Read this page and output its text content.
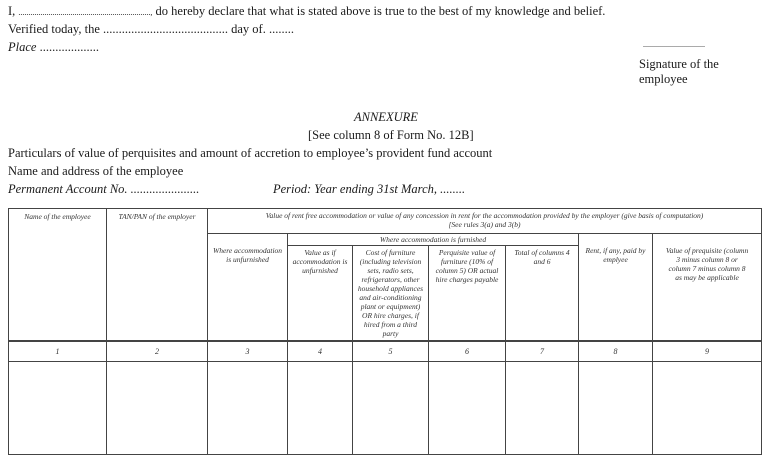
I, .................................................................., do hereby declare that what is stated above is true to the best of my knowledge and belief.
Verified today, the ........................................ day of. ........
Place ...................	...............................
Signature of the employee
ANNEXURE
[See column 8 of Form No. 12B]
Particulars of value of perquisites and amount of accretion to employee’s provident fund account
Name and address of the employee
Permanent Account No. ......................	Period: Year ending 31st March, ........
Name of the employee	TAN/PAN of the employer	Value of rent free accommodation or value of any concession in rent for the accommodation provided by the employer (give basis of computation)
[See rules 3(a) and 3(b)						

		Where accommodation is unfurnished	Where accommodation is furnished				Rent, if any, paid by emplyee	Value of prequisite (column 3 minus column 8 or column 7 minus column 8 as may be applicable
			Value as if accommodation is unfurnished	Cost of furniture (including television sets, radio sets, refrigerators, other household appliances and air-conditioning plant or equipment) OR hire charges, if hired from a third party	Perquisite value of furniture (10% of column 5) OR actual hire charges payable	Total of columns 4 and 6		
1	2	3	4	5	6	7	8	9
